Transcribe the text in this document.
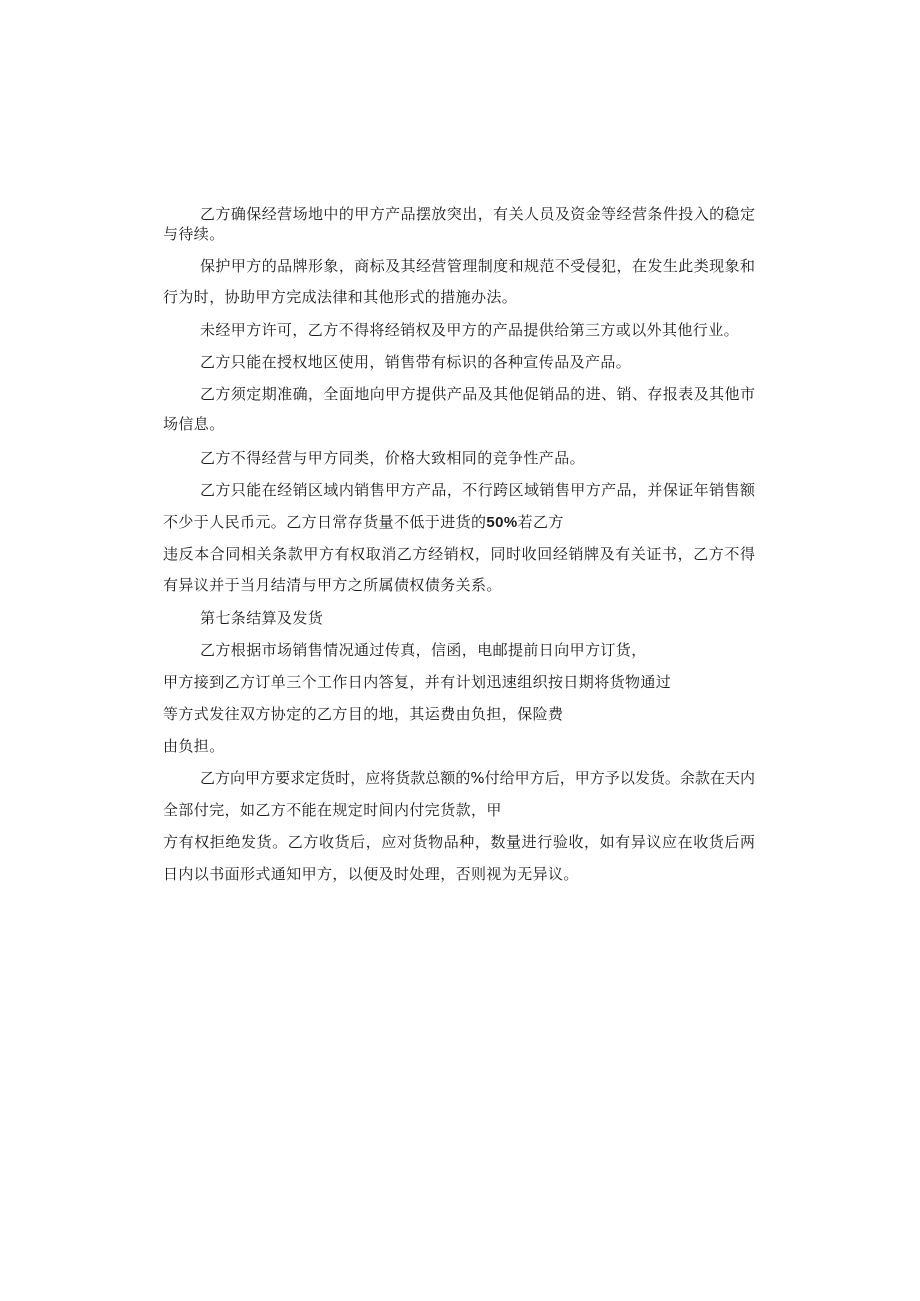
乙方确保经营场地中的甲方产品摆放突出，有关人员及资金等经营条件投入的稳定
与待续。
保护甲方的品牌形象，商标及其经营管理制度和规范不受侵犯，在发生此类现象和
行为时，协助甲方完成法律和其他形式的措施办法。
未经甲方许可，乙方不得将经销权及甲方的产品提供给第三方或以外其他行业。
乙方只能在授权地区使用，销售带有标识的各种宣传品及产品。
乙方须定期准确，全面地向甲方提供产品及其他促销品的进、销、存报表及其他市
场信息。
乙方不得经营与甲方同类，价格大致相同的竞争性产品。
乙方只能在经销区域内销售甲方产品，不行跨区域销售甲方产品，并保证年销售额
不少于人民币元。乙方日常存货量不低于进货的50%若乙方
违反本合同相关条款甲方有权取消乙方经销权，同时收回经销牌及有关证书，乙方不得
有异议并于当月结清与甲方之所属债权债务关系。
第七条结算及发货
乙方根据市场销售情况通过传真，信函，电邮提前日向甲方订货，
甲方接到乙方订单三个工作日内答复，并有计划迅速组织按日期将货物通过
等方式发往双方协定的乙方目的地，其运费由负担，保险费
由负担。
乙方向甲方要求定货时，应将货款总额的%付给甲方后，甲方予以发货。余款在天内
全部付完，如乙方不能在规定时间内付完货款，甲
方有权拒绝发货。乙方收货后，应对货物品种，数量进行验收，如有异议应在收货后两
日内以书面形式通知甲方，以便及时处理，否则视为无异议。
